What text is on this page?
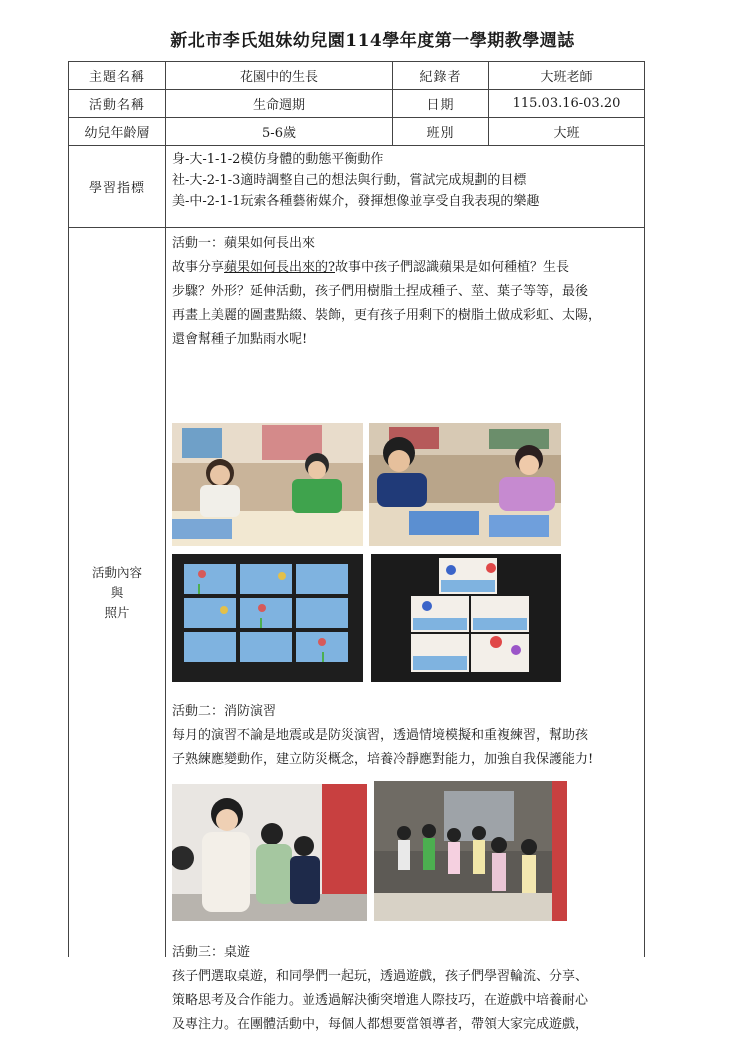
新北市李氏姐妹幼兒園114學年度第一學期教學週誌
主題名稱	花園中的生長	紀錄者	大班老師
活動名稱	生命週期	日期	115.03.16-03.20
幼兒年齡層	5-6歲	班別	大班
學習指標
身-大-1-1-2模仿身體的動態平衡動作
社-大-2-1-3適時調整自己的想法與行動，嘗試完成規劃的目標
美-中-2-1-1玩索各種藝術媒介，發揮想像並享受自我表現的樂趣
活動內容
與
照片

活動一：蘋果如何長出來

故事分享蘋果如何長出來的?故事中孩子們認識蘋果是如何種植？生長

步驟？外形？延伸活動，孩子們用樹脂土捏成種子、莖、葉子等等，最後

再畫上美麗的圖畫點綴、裝飾，更有孩子用剩下的樹脂土做成彩虹、太陽，

還會幫種子加點雨水呢!

活動二：消防演習

每月的演習不論是地震或是防災演習，透過情境模擬和重複練習，幫助孩

子熟練應變動作，建立防災概念，培養冷靜應對能力，加強自我保護能力!

活動三：桌遊

孩子們選取桌遊，和同學們一起玩，透過遊戲，孩子們學習輪流、分享、

策略思考及合作能力。並透過解決衝突增進人際技巧，在遊戲中培養耐心

及專注力。在團體活動中，每個人都想要當領導者，帶領大家完成遊戲，
